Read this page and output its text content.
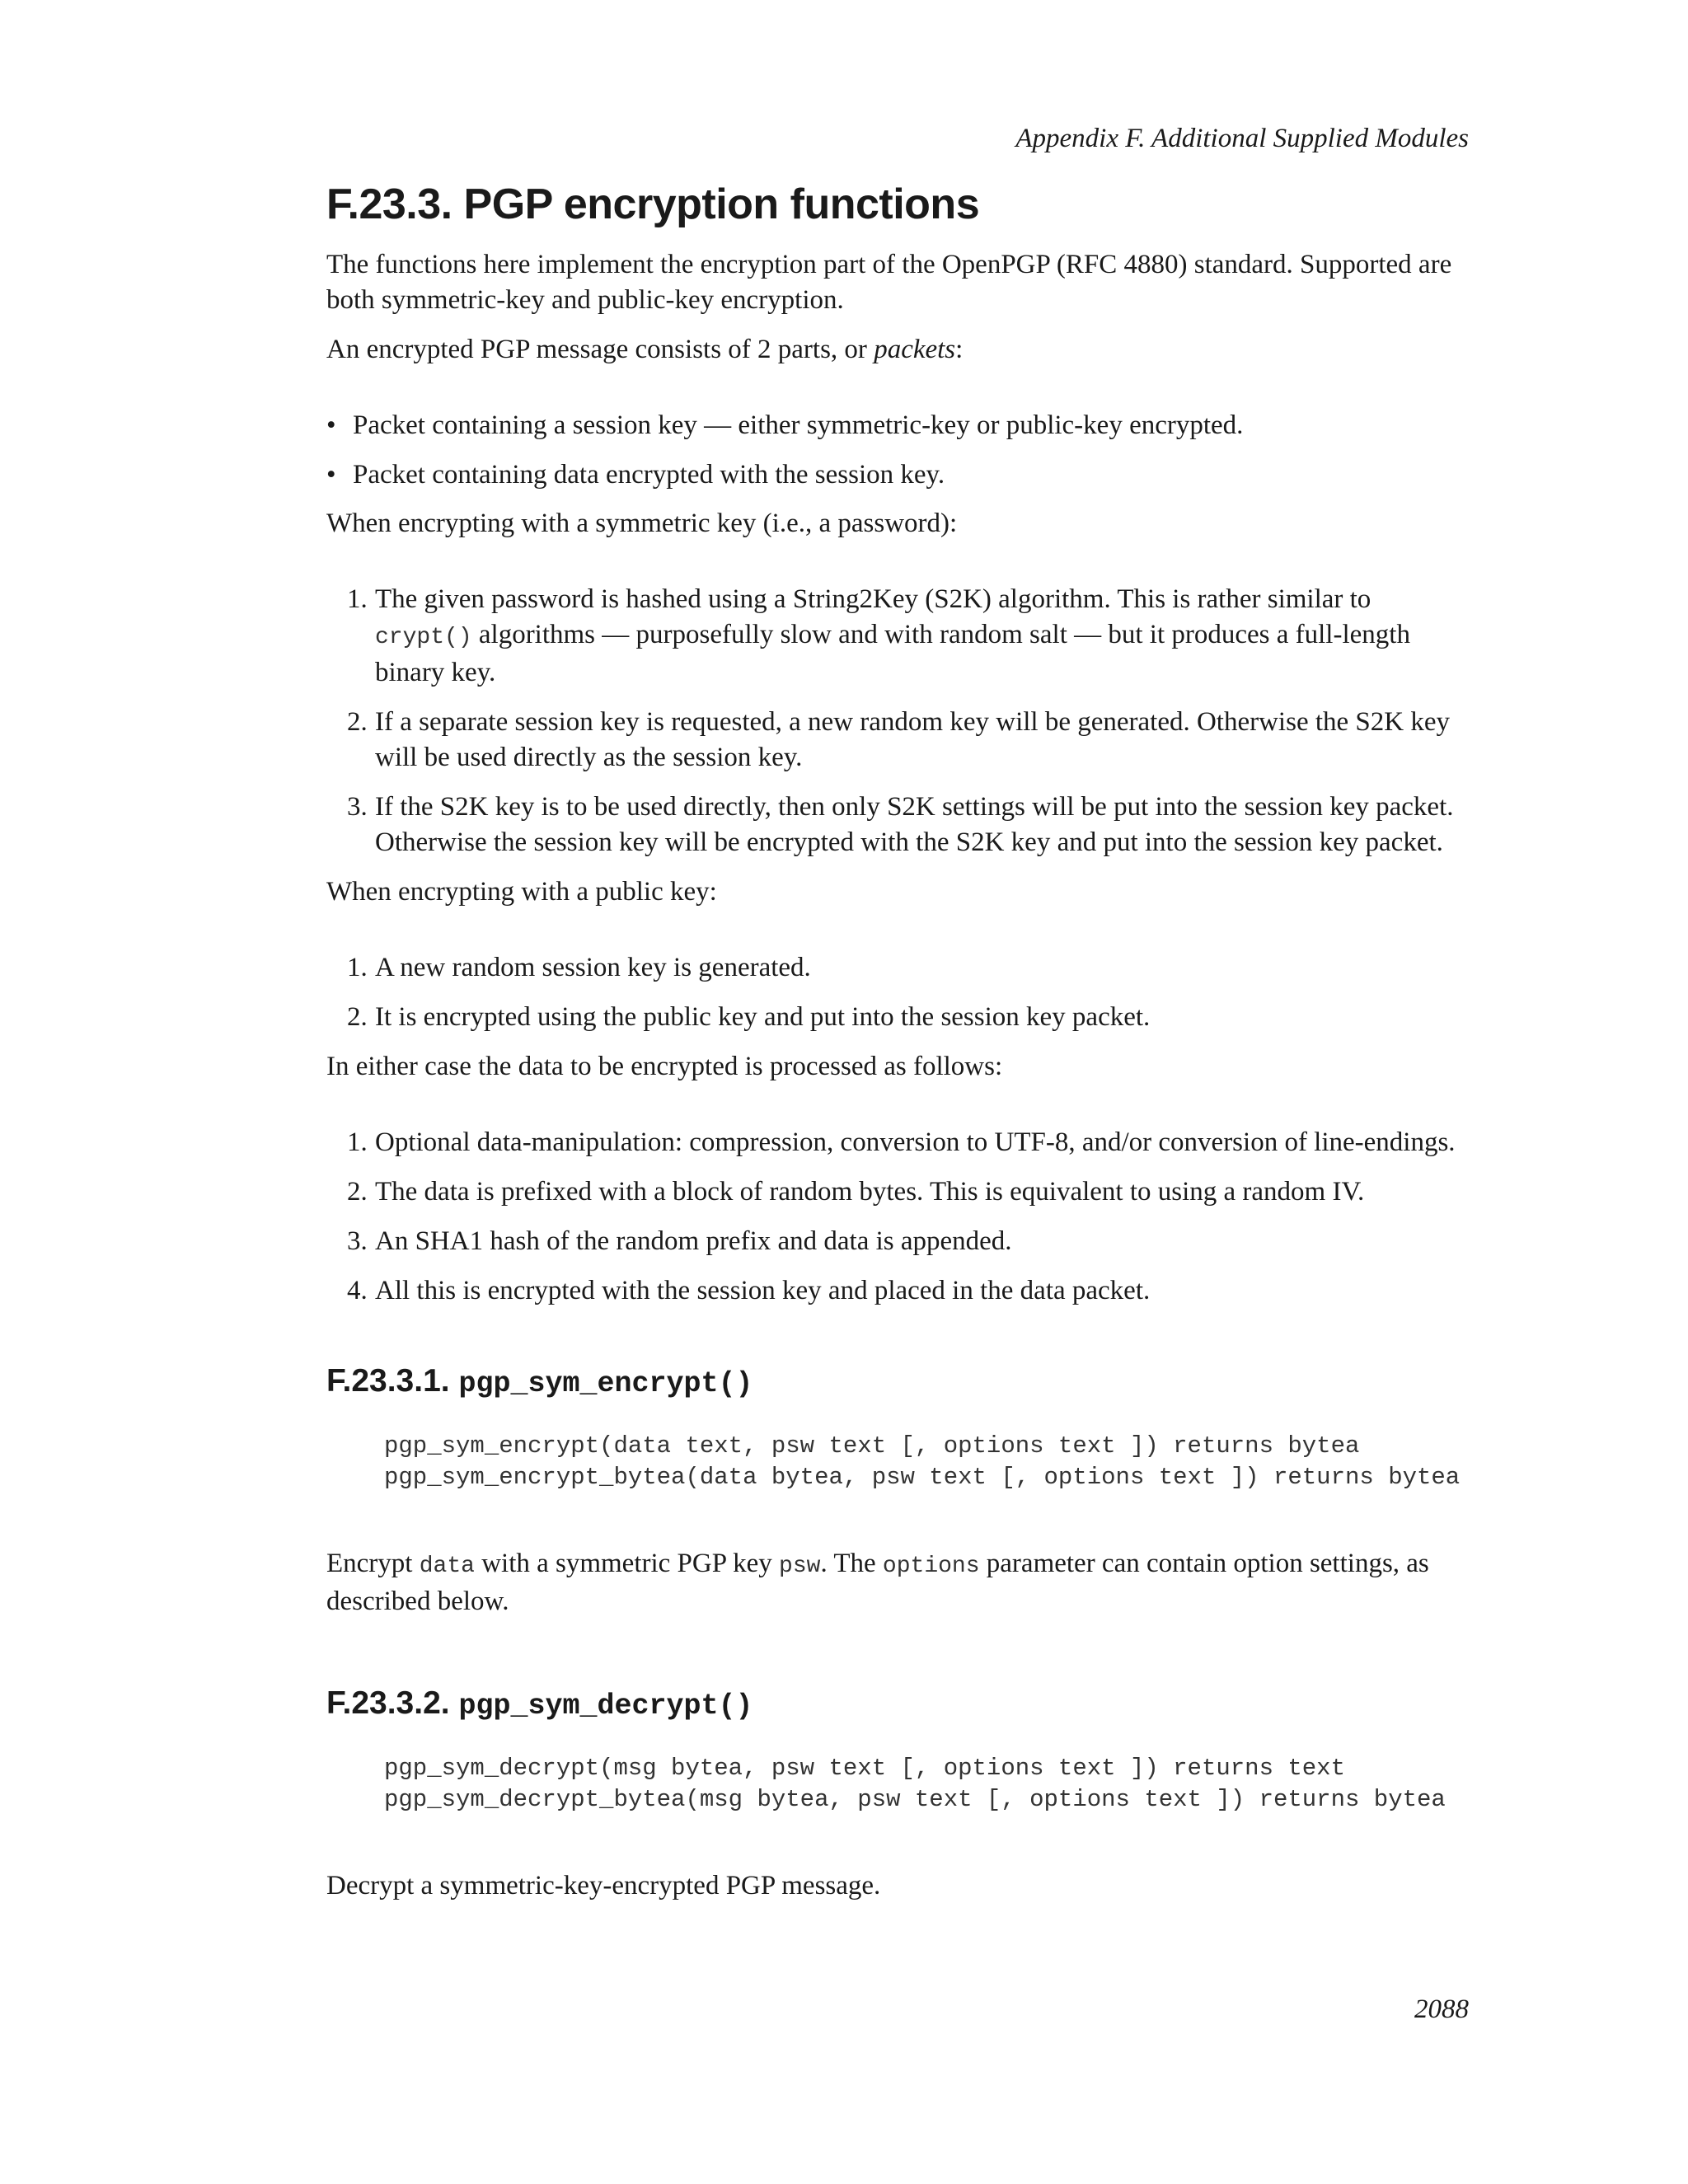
Appendix F. Additional Supplied Modules
F.23.3. PGP encryption functions

The functions here implement the encryption part of the OpenPGP (RFC 4880) standard. Supported are both symmetric-key and public-key encryption.

An encrypted PGP message consists of 2 parts, or packets:

• Packet containing a session key — either symmetric-key or public-key encrypted.
• Packet containing data encrypted with the session key.

When encrypting with a symmetric key (i.e., a password):

1. The given password is hashed using a String2Key (S2K) algorithm. This is rather similar to crypt() algorithms — purposefully slow and with random salt — but it produces a full-length binary key.
2. If a separate session key is requested, a new random key will be generated. Otherwise the S2K key will be used directly as the session key.
3. If the S2K key is to be used directly, then only S2K settings will be put into the session key packet. Otherwise the session key will be encrypted with the S2K key and put into the session key packet.

When encrypting with a public key:

1. A new random session key is generated.
2. It is encrypted using the public key and put into the session key packet.

In either case the data to be encrypted is processed as follows:

1. Optional data-manipulation: compression, conversion to UTF-8, and/or conversion of line-endings.
2. The data is prefixed with a block of random bytes. This is equivalent to using a random IV.
3. An SHA1 hash of the random prefix and data is appended.
4. All this is encrypted with the session key and placed in the data packet.
F.23.3.1. pgp_sym_encrypt()
pgp_sym_encrypt(data text, psw text [, options text ]) returns bytea
pgp_sym_encrypt_bytea(data bytea, psw text [, options text ]) returns bytea

Encrypt data with a symmetric PGP key psw. The options parameter can contain option settings, as described below.

F.23.3.2. pgp_sym_decrypt()
pgp_sym_decrypt(msg bytea, psw text [, options text ]) returns text
pgp_sym_decrypt_bytea(msg bytea, psw text [, options text ]) returns bytea

Decrypt a symmetric-key-encrypted PGP message.

2088
